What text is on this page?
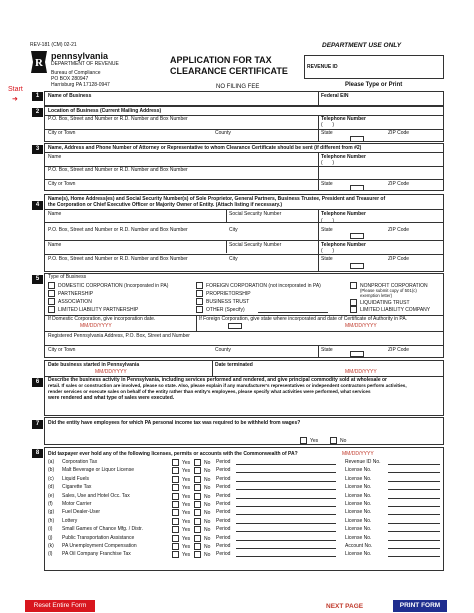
REV-181 (CM) 02-21	DEPARTMENT USE ONLY
R
pennsylvania
DEPARTMENT OF REVENUE
Bureau of Compliance
PO BOX 280947
Harrisburg PA 17128-0947
APPLICATION FOR TAX
CLEARANCE CERTIFICATE	REVENUE ID
Please Type or Print
NO FILING FEE
Start
➜	1	Name of Business	Federal EIN
2	Location of Business (Current Mailing Address)
P.O. Box, Street and Number or R.D. Number and Box Number	Telephone Number
(       )
City or Town	County	State	ZIP Code
3	Name, Address and Phone Number of Attorney or Representative to whom Clearance Certificate should be sent (if different from #2)
Name	Telephone Number
(       )
P.O. Box, Street and Number or R.D. Number and Box Number
City or Town	State	ZIP Code
4
Name(s), Home Address(es) and Social Security Number(s) of Sole Proprietor, General Partners, Business Trustee, President and Treasurer of
the Corporation or Chief Executive Officer or Majority Owner of Entity. (Attach listing if necessary.)
Name	Social Security Number	Telephone Number
(       )
P.O. Box, Street and Number or R.D. Number and Box Number	City	State	ZIP Code
Name	Social Security Number	Telephone Number
(       )
P.O. Box, Street and Number or R.D. Number and Box Number	City	State	ZIP Code
5	Type of Business
DOMESTIC CORPORATION (Incorporated in PA)
PARTNERSHIP
ASSOCIATION
LIMITED LIABILITY PARTNERSHIP
FOREIGN CORPORATION (not incorporated in PA)
PROPRIETORSHIP
BUSINESS TRUST
OTHER (Specify)
NONPROFIT CORPORATION
(Please submit copy of 501(c)
exemption letter)
LIQUIDATING TRUST
LIMITED LIABILITY COMPANY
If Domestic Corporation, give incorporation date.
MM/DD/YYYY
If Foreign Corporation, give state where incorporated and date of Certificate of Authority in PA.
MM/DD/YYYY
Registered Pennsylvania Address, P.O. Box, Street and Number
City or Town	County	State	ZIP Code
6
Date business started in Pennsylvania
MM/DD/YYYY
Date terminated
MM/DD/YYYY
Describe the business activity in Pennsylvania, including services performed and rendered, and give principal commodity sold at wholesale or
retail. If sales or construction are involved, please so state. Also, please explain if any manufacturer's representatives or independent contractors perform activities,
render services or execute sales on behalf of the entity rather than entity's employees, please specify what activities were performed, what services
were rendered and what type of sales were executed.
7	Did the entity have employees for which PA personal income tax was required to be withheld from wages?
Yes	No
8	Did taxpayer ever hold any of the following licenses, permits or accounts with the Commonwealth of PA?	MM/DD/YYYY
(a) Corporation Tax	Yes	No Period	Revenue ID No.
(b) Malt Beverage or Liquor License	Yes	No Period	License No.
(c) Liquid Fuels	Yes	No Period	License No.
(d) Cigarette Tax	Yes	No Period	License No.
(e) Sales, Use and Hotel Occ. Tax	Yes	No Period	License No.
(f) Motor Carrier	Yes	No Period	License No.
(g) Fuel Dealer-User	Yes	No Period	License No.
(h) Lottery	Yes	No Period	License No.
(i) Small Games of Chance Mfg. / Distr.	Yes	No Period	License No.
(j) Public Transportation Assistance	Yes	No Period	License No.
(k) PA Unemployment Compensation	Yes	No Period	Account No.
(l) PA Oil Company Franchise Tax	Yes	No Period	License No.
Reset Entire Form	NEXT PAGE	PRINT FORM
